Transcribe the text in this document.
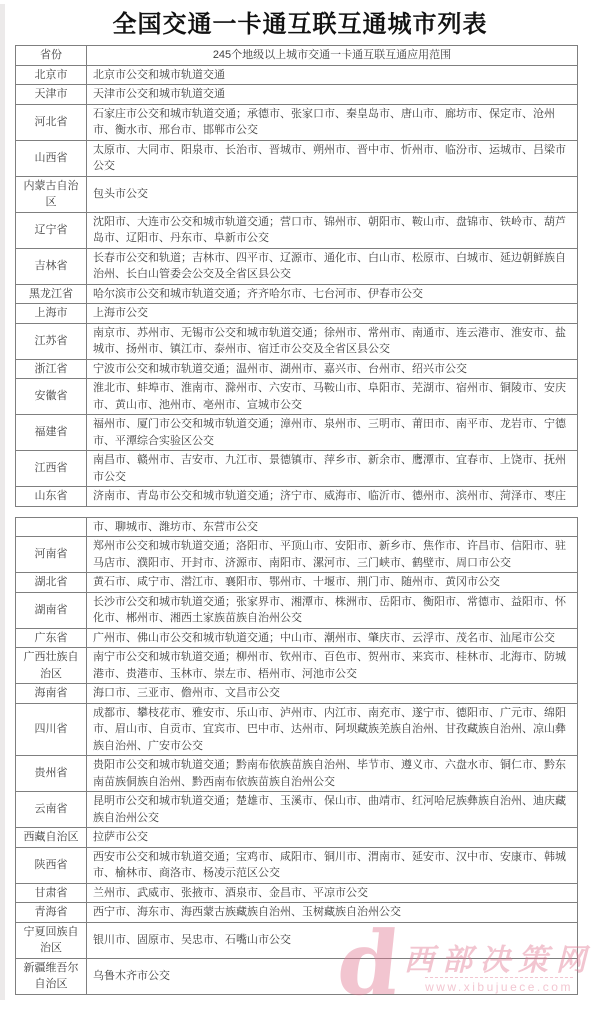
全国交通一卡通互联互通城市列表
省份	245个地级以上城市交通一卡通互联互通应用范围
北京市	北京市公交和城市轨道交通
天津市	天津市公交和城市轨道交通
河北省	石家庄市公交和城市轨道交通；承德市、张家口市、秦皇岛市、唐山市、廊坊市、保定市、沧州市、衡水市、邢台市、邯郸市公交
山西省	太原市、大同市、阳泉市、长治市、晋城市、朔州市、晋中市、忻州市、临汾市、运城市、吕梁市公交
内蒙古自治区	包头市公交
辽宁省	沈阳市、大连市公交和城市轨道交通；营口市、锦州市、朝阳市、鞍山市、盘锦市、铁岭市、葫芦岛市、辽阳市、丹东市、阜新市公交
吉林省	长春市公交和轨道；吉林市、四平市、辽源市、通化市、白山市、松原市、白城市、延边朝鲜族自治州、长白山管委会公交及全省区县公交
黑龙江省	哈尔滨市公交和城市轨道交通；齐齐哈尔市、七台河市、伊春市公交
上海市	上海市公交
江苏省	南京市、苏州市、无锡市公交和城市轨道交通；徐州市、常州市、南通市、连云港市、淮安市、盐城市、扬州市、镇江市、泰州市、宿迁市公交及全省区县公交
浙江省	宁波市公交和城市轨道交通；温州市、湖州市、嘉兴市、台州市、绍兴市公交
安徽省	淮北市、蚌埠市、淮南市、滁州市、六安市、马鞍山市、阜阳市、芜湖市、宿州市、铜陵市、安庆市、黄山市、池州市、亳州市、宣城市公交
福建省	福州市、厦门市公交和城市轨道交通；漳州市、泉州市、三明市、莆田市、南平市、龙岩市、宁德市、平潭综合实验区公交
江西省	南昌市、赣州市、吉安市、九江市、景德镇市、萍乡市、新余市、鹰潭市、宜春市、上饶市、抚州市公交
山东省	济南市、青岛市公交和城市轨道交通；济宁市、威海市、临沂市、德州市、滨州市、菏泽市、枣庄
	市、聊城市、潍坊市、东营市公交
河南省	郑州市公交和城市轨道交通；洛阳市、平顶山市、安阳市、新乡市、焦作市、许昌市、信阳市、驻马店市、濮阳市、开封市、济源市、南阳市、漯河市、三门峡市、鹤壁市、周口市公交
湖北省	黄石市、咸宁市、潜江市、襄阳市、鄂州市、十堰市、荆门市、随州市、黄冈市公交
湖南省	长沙市公交和城市轨道交通；张家界市、湘潭市、株洲市、岳阳市、衡阳市、常德市、益阳市、怀化市、郴州市、湘西土家族苗族自治州公交
广东省	广州市、佛山市公交和城市轨道交通；中山市、潮州市、肇庆市、云浮市、茂名市、汕尾市公交
广西壮族自治区	南宁市公交和城市轨道交通；柳州市、钦州市、百色市、贺州市、来宾市、桂林市、北海市、防城港市、贵港市、玉林市、崇左市、梧州市、河池市公交
海南省	海口市、三亚市、儋州市、文昌市公交
四川省	成都市、攀枝花市、雅安市、乐山市、泸州市、内江市、南充市、遂宁市、德阳市、广元市、绵阳市、眉山市、自贡市、宜宾市、巴中市、达州市、阿坝藏族羌族自治州、甘孜藏族自治州、凉山彝族自治州、广安市公交
贵州省	贵阳市公交和城市轨道交通；黔南布依族苗族自治州、毕节市、遵义市、六盘水市、铜仁市、黔东南苗族侗族自治州、黔西南布依族苗族自治州公交
云南省	昆明市公交和城市轨道交通；楚雄市、玉溪市、保山市、曲靖市、红河哈尼族彝族自治州、迪庆藏族自治州公交
西藏自治区	拉萨市公交
陕西省	西安市公交和城市轨道交通；宝鸡市、咸阳市、铜川市、渭南市、延安市、汉中市、安康市、韩城市、榆林市、商洛市、杨凌示范区公交
甘肃省	兰州市、武威市、张掖市、酒泉市、金昌市、平凉市公交
青海省	西宁市、海东市、海西蒙古族藏族自治州、玉树藏族自治州公交
宁夏回族自治区	银川市、固原市、吴忠市、石嘴山市公交
新疆维吾尔自治区	乌鲁木齐市公交 d
西部决策网
www.xibujuece.com
